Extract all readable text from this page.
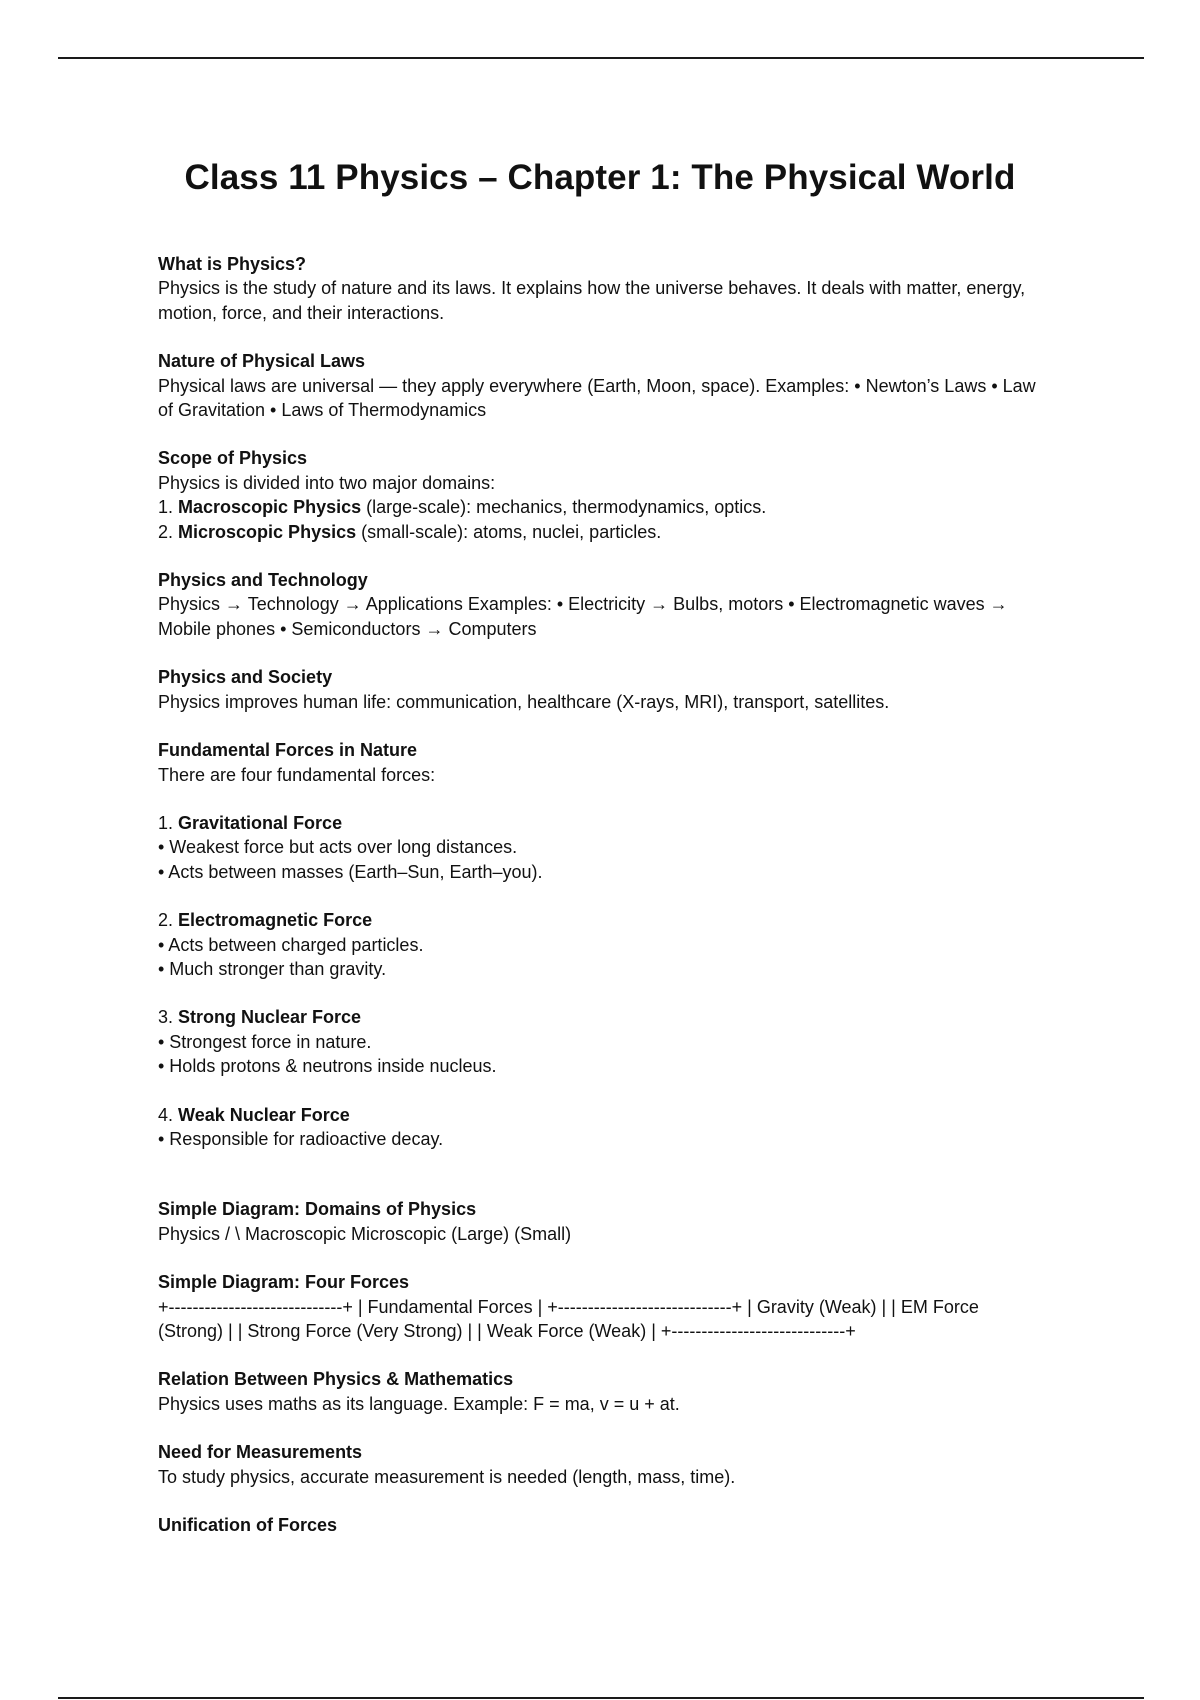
Class 11 Physics – Chapter 1: The Physical World
What is Physics?
Physics is the study of nature and its laws. It explains how the universe behaves. It deals with matter, energy, motion, force, and their interactions.
Nature of Physical Laws
Physical laws are universal — they apply everywhere (Earth, Moon, space). Examples: • Newton’s Laws • Law of Gravitation • Laws of Thermodynamics
Scope of Physics
Physics is divided into two major domains:
1. Macroscopic Physics (large-scale): mechanics, thermodynamics, optics.
2. Microscopic Physics (small-scale): atoms, nuclei, particles.
Physics and Technology
Physics → Technology → Applications Examples: • Electricity → Bulbs, motors • Electromagnetic waves → Mobile phones • Semiconductors → Computers
Physics and Society
Physics improves human life: communication, healthcare (X-rays, MRI), transport, satellites.
Fundamental Forces in Nature
There are four fundamental forces:
1. Gravitational Force
• Weakest force but acts over long distances.
• Acts between masses (Earth–Sun, Earth–you).
2. Electromagnetic Force
• Acts between charged particles.
• Much stronger than gravity.
3. Strong Nuclear Force
• Strongest force in nature.
• Holds protons & neutrons inside nucleus.
4. Weak Nuclear Force
• Responsible for radioactive decay.
Simple Diagram: Domains of Physics
Physics / \ Macroscopic Microscopic (Large) (Small)
Simple Diagram: Four Forces
+-----------------------------+ | Fundamental Forces | +-----------------------------+ | Gravity (Weak) | | EM Force (Strong) | | Strong Force (Very Strong) | | Weak Force (Weak) | +-----------------------------+
Relation Between Physics & Mathematics
Physics uses maths as its language. Example: F = ma, v = u + at.
Need for Measurements
To study physics, accurate measurement is needed (length, mass, time).
Unification of Forces
